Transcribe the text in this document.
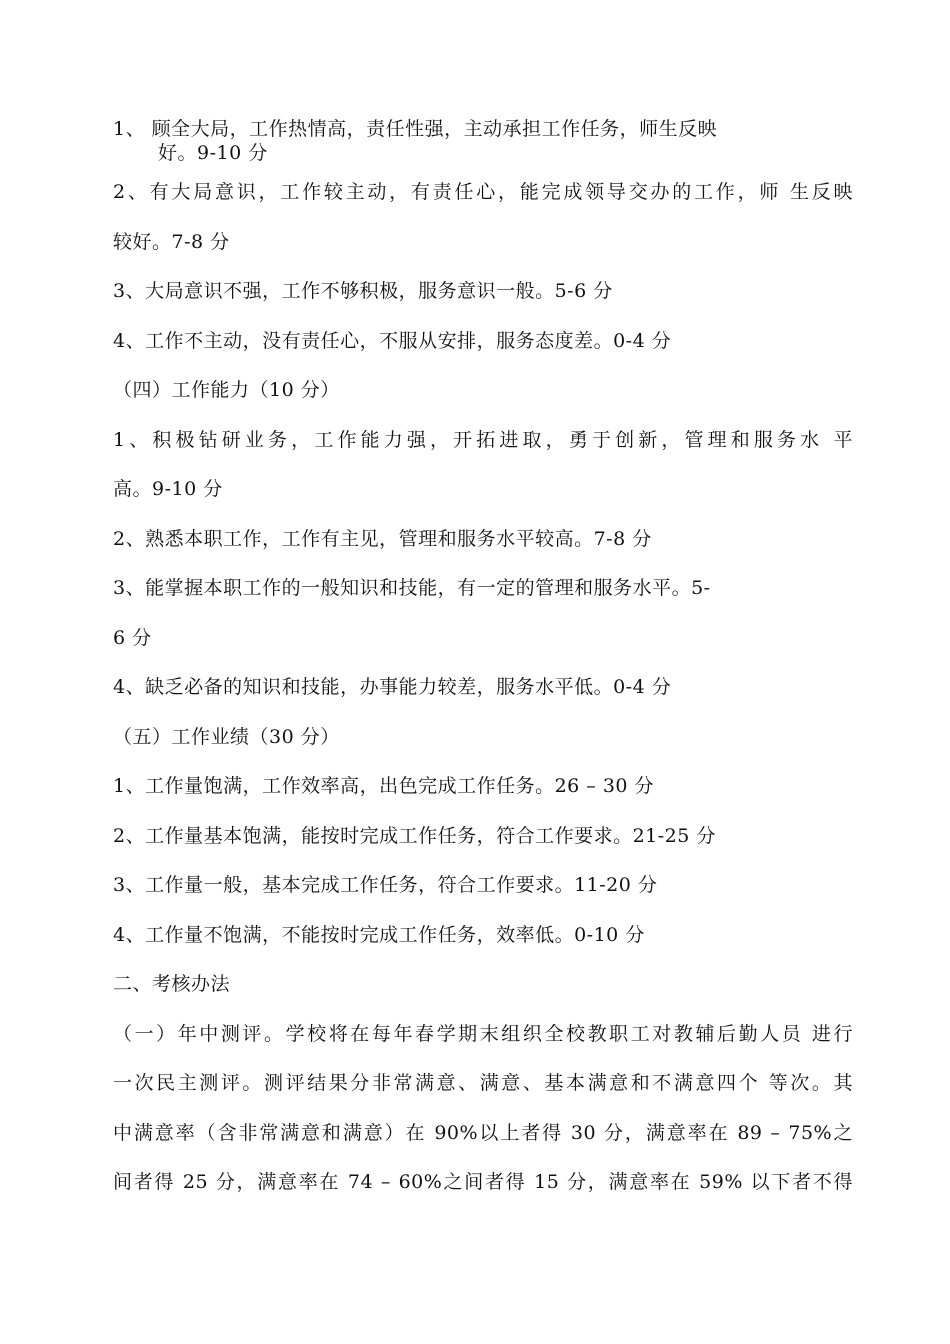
1、 顾全大局，工作热情高，责任性强，主动承担工作任务，师生反映
好。9-10 分
2、有大局意识，工作较主动，有责任心，能完成领导交办的工作，师 生反映
较好。7-8 分
3、大局意识不强，工作不够积极，服务意识一般。5-6 分
4、工作不主动，没有责任心，不服从安排，服务态度差。0-4 分
（四）工作能力（10 分）
1、积极钻研业务，工作能力强，开拓进取，勇于创新，管理和服务水 平
高。9-10 分
2、熟悉本职工作，工作有主见，管理和服务水平较高。7-8 分
3、能掌握本职工作的一般知识和技能，有一定的管理和服务水平。5-
6 分
4、缺乏必备的知识和技能，办事能力较差，服务水平低。0-4 分
（五）工作业绩（30 分）
1、工作量饱满，工作效率高，出色完成工作任务。26 – 30 分
2、工作量基本饱满，能按时完成工作任务，符合工作要求。21-25 分
3、工作量一般，基本完成工作任务，符合工作要求。11-20 分
4、工作量不饱满，不能按时完成工作任务，效率低。0-10 分
二、考核办法
（一）年中测评。学校将在每年春学期末组织全校教职工对教辅后勤人员 进行
一次民主测评。测评结果分非常满意、满意、基本满意和不满意四个 等次。其
中满意率（含非常满意和满意）在 90%以上者得 30 分，满意率在 89 – 75%之
间者得 25 分，满意率在 74 – 60%之间者得 15 分，满意率在 59% 以下者不得
